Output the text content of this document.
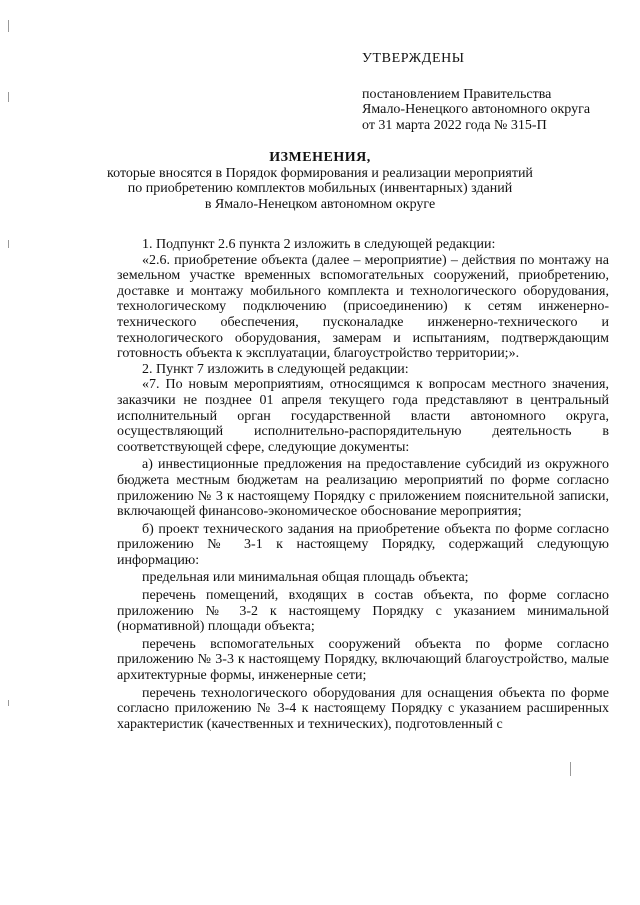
УТВЕРЖДЕНЫ
постановлением Правительства
Ямало-Ненецкого автономного округа
от 31 марта 2022 года № 315-П
ИЗМЕНЕНИЯ,
которые вносятся в Порядок формирования и реализации мероприятий
по приобретению комплектов мобильных (инвентарных) зданий
в Ямало-Ненецком автономном округе

1. Подпункт 2.6 пункта 2 изложить в следующей редакции:

«2.6. приобретение объекта (далее – мероприятие) – действия по монтажу на земельном участке временных вспомогательных сооружений, приобретению, доставке и монтажу мобильного комплекта и технологического оборудования, технологическому подключению (присоединению) к сетям инженерно-технического обеспечения, пусконаладке инженерно-технического и технологического оборудования, замерам и испытаниям, подтверждающим готовность объекта к эксплуатации, благоустройство территории;».

2. Пункт 7 изложить в следующей редакции:

«7. По новым мероприятиям, относящимся к вопросам местного значения, заказчики не позднее 01 апреля текущего года представляют в центральный исполнительный орган государственной власти автономного округа, осуществляющий исполнительно-распорядительную деятельность в соответствующей сфере, следующие документы:

а) инвестиционные предложения на предоставление субсидий из окружного бюджета местным бюджетам на реализацию мероприятий по форме согласно приложению № 3 к настоящему Порядку с приложением пояснительной записки, включающей финансово-экономическое обоснование мероприятия;

б) проект технического задания на приобретение объекта по форме согласно приложению № 3-1 к настоящему Порядку, содержащий следующую информацию:

предельная или минимальная общая площадь объекта;

перечень помещений, входящих в состав объекта, по форме согласно приложению № 3-2 к настоящему Порядку с указанием минимальной (нормативной) площади объекта;

перечень вспомогательных сооружений объекта по форме согласно приложению № 3-3 к настоящему Порядку, включающий благоустройство, малые архитектурные формы, инженерные сети;

перечень технологического оборудования для оснащения объекта по форме согласно приложению № 3-4 к настоящему Порядку с указанием расширенных характеристик (качественных и технических), подготовленный с
